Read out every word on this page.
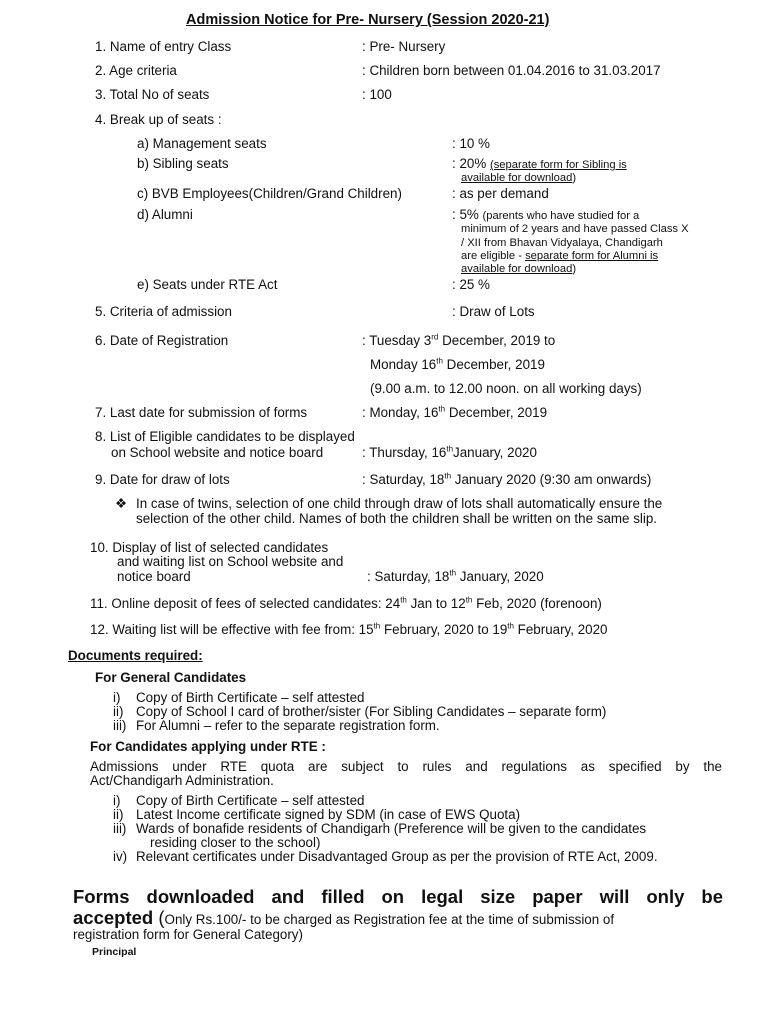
Admission Notice for Pre- Nursery (Session 2020-21)
1. Name of entry Class	: Pre- Nursery
2. Age criteria	: Children born between 01.04.2016 to 31.03.2017
3. Total No of seats	: 100
4. Break up of seats :
a) Management seats	: 10 %
b) Sibling seats	: 20% (separate form for Sibling is
available for download)
c) BVB Employees(Children/Grand Children)	: as per demand
d) Alumni	: 5% (parents who have studied for a
minimum of 2 years and have passed Class X
/ XII from Bhavan Vidyalaya, Chandigarh
are eligible - separate form for Alumni is
available for download)
e) Seats under RTE Act	: 25 %
5. Criteria of admission	: Draw of Lots
6. Date of Registration	: Tuesday 3rd December, 2019 to
Monday 16th December, 2019
(9.00 a.m. to 12.00 noon. on all working days)
7. Last date for submission of forms	: Monday, 16th December, 2019
8. List of Eligible candidates to be displayed
on School website and notice board	: Thursday, 16thJanuary, 2020
9. Date for draw of lots	: Saturday, 18th January 2020 (9:30 am onwards)
❖ In case of twins, selection of one child through draw of lots shall automatically ensure the
selection of the other child. Names of both the children shall be written on the same slip.
10. Display of list of selected candidates
and waiting list on School website and
notice board	: Saturday, 18th January, 2020
11. Online deposit of fees of selected candidates: 24th Jan to 12th Feb, 2020 (forenoon)
12. Waiting list will be effective with fee from: 15th February, 2020 to 19th February, 2020
Documents required:
For General Candidates
i) Copy of Birth Certificate – self attested
ii) Copy of School I card of brother/sister (For Sibling Candidates – separate form)
iii) For Alumni – refer to the separate registration form.
For Candidates applying under RTE :
Admissions under RTE quota are subject to rules and regulations as specified by the
Act/Chandigarh Administration.
i) Copy of Birth Certificate – self attested
ii) Latest Income certificate signed by SDM (in case of EWS Quota)
iii) Wards of bonafide residents of Chandigarh (Preference will be given to the candidates
residing closer to the school)
iv) Relevant certificates under Disadvantaged Group as per the provision of RTE Act, 2009.
Forms downloaded and filled on legal size paper will only be
accepted (Only Rs.100/- to be charged as Registration fee at the time of submission of
registration form for General Category)
Principal
